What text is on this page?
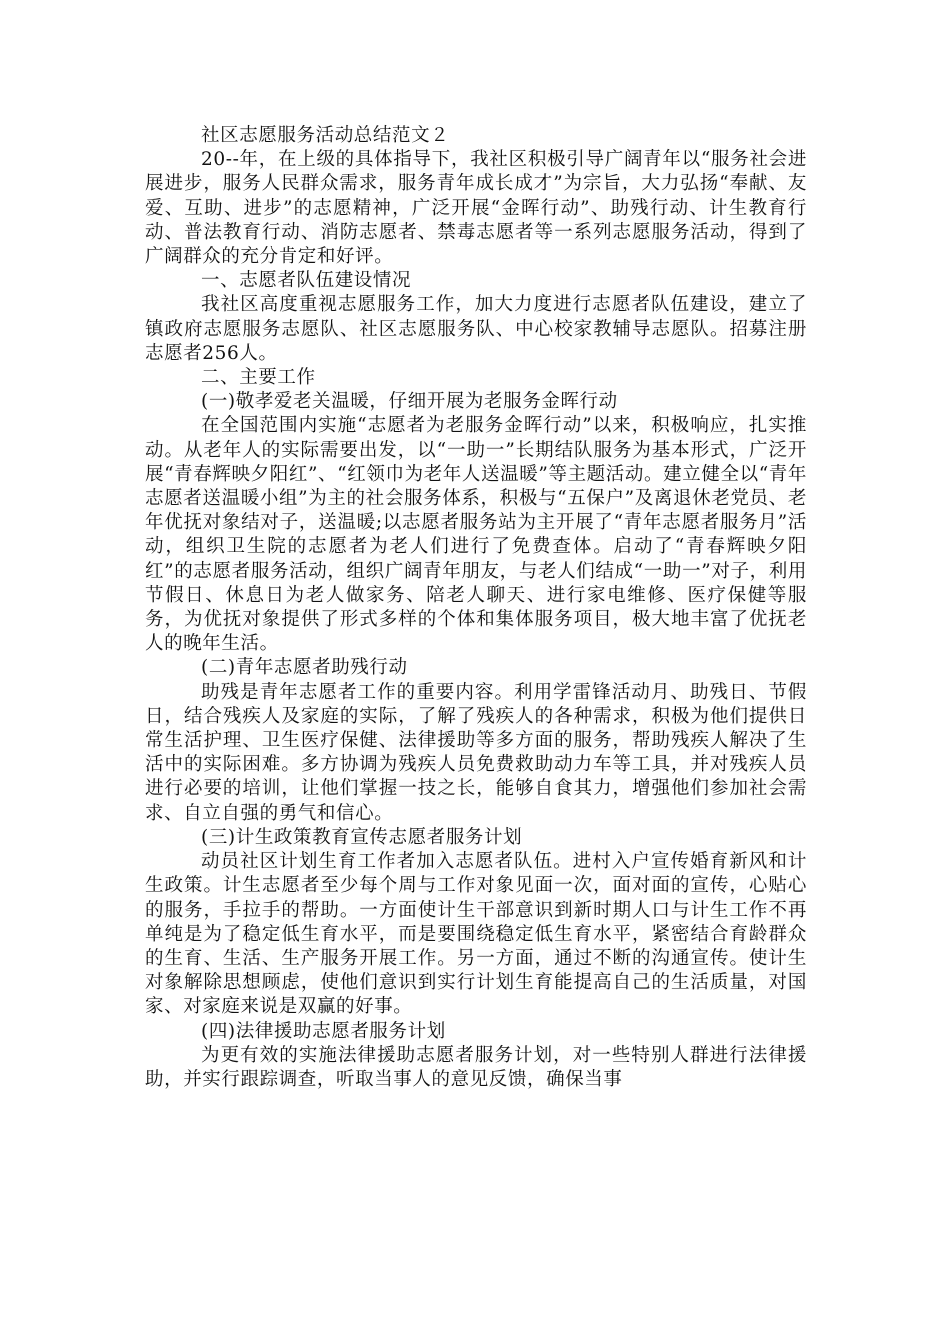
社区志愿服务活动总结范文２

20--年，在上级的具体指导下，我社区积极引导广阔青年以“服务社会进展进步，服务人民群众需求，服务青年成长成才”为宗旨，大力弘扬“奉献、友爱、互助、进步”的志愿精神，广泛开展“金晖行动”、助残行动、计生教育行动、普法教育行动、消防志愿者、禁毒志愿者等一系列志愿服务活动，得到了广阔群众的充分肯定和好评。

一、志愿者队伍建设情况

我社区高度重视志愿服务工作，加大力度进行志愿者队伍建设，建立了镇政府志愿服务志愿队、社区志愿服务队、中心校家教辅导志愿队。招募注册志愿者256人。

二、主要工作

(一)敬孝爱老关温暖，仔细开展为老服务金晖行动

在全国范围内实施“志愿者为老服务金晖行动”以来，积极响应，扎实推动。从老年人的实际需要出发，以“一助一”长期结队服务为基本形式，广泛开展“青春辉映夕阳红”、“红领巾为老年人送温暖”等主题活动。建立健全以“青年志愿者送温暖小组”为主的社会服务体系，积极与“五保户”及离退休老党员、老年优抚对象结对子，送温暖;以志愿者服务站为主开展了“青年志愿者服务月”活动，组织卫生院的志愿者为老人们进行了免费查体。启动了“青春辉映夕阳红”的志愿者服务活动，组织广阔青年朋友，与老人们结成“一助一”对子，利用节假日、休息日为老人做家务、陪老人聊天、进行家电维修、医疗保健等服务，为优抚对象提供了形式多样的个体和集体服务项目，极大地丰富了优抚老人的晚年生活。

(二)青年志愿者助残行动

助残是青年志愿者工作的重要内容。利用学雷锋活动月、助残日、节假日，结合残疾人及家庭的实际，了解了残疾人的各种需求，积极为他们提供日常生活护理、卫生医疗保健、法律援助等多方面的服务，帮助残疾人解决了生活中的实际困难。多方协调为残疾人员免费救助动力车等工具，并对残疾人员进行必要的培训，让他们掌握一技之长，能够自食其力，增强他们参加社会需求、自立自强的勇气和信心。

(三)计生政策教育宣传志愿者服务计划

动员社区计划生育工作者加入志愿者队伍。进村入户宣传婚育新风和计生政策。计生志愿者至少每个周与工作对象见面一次，面对面的宣传，心贴心的服务，手拉手的帮助。一方面使计生干部意识到新时期人口与计生工作不再单纯是为了稳定低生育水平，而是要围绕稳定低生育水平，紧密结合育龄群众的生育、生活、生产服务开展工作。另一方面，通过不断的沟通宣传。使计生对象解除思想顾虑，使他们意识到实行计划生育能提高自己的生活质量，对国家、对家庭来说是双赢的好事。

(四)法律援助志愿者服务计划

为更有效的实施法律援助志愿者服务计划，对一些特别人群进行法律援助，并实行跟踪调查，听取当事人的意见反馈，确保当事
